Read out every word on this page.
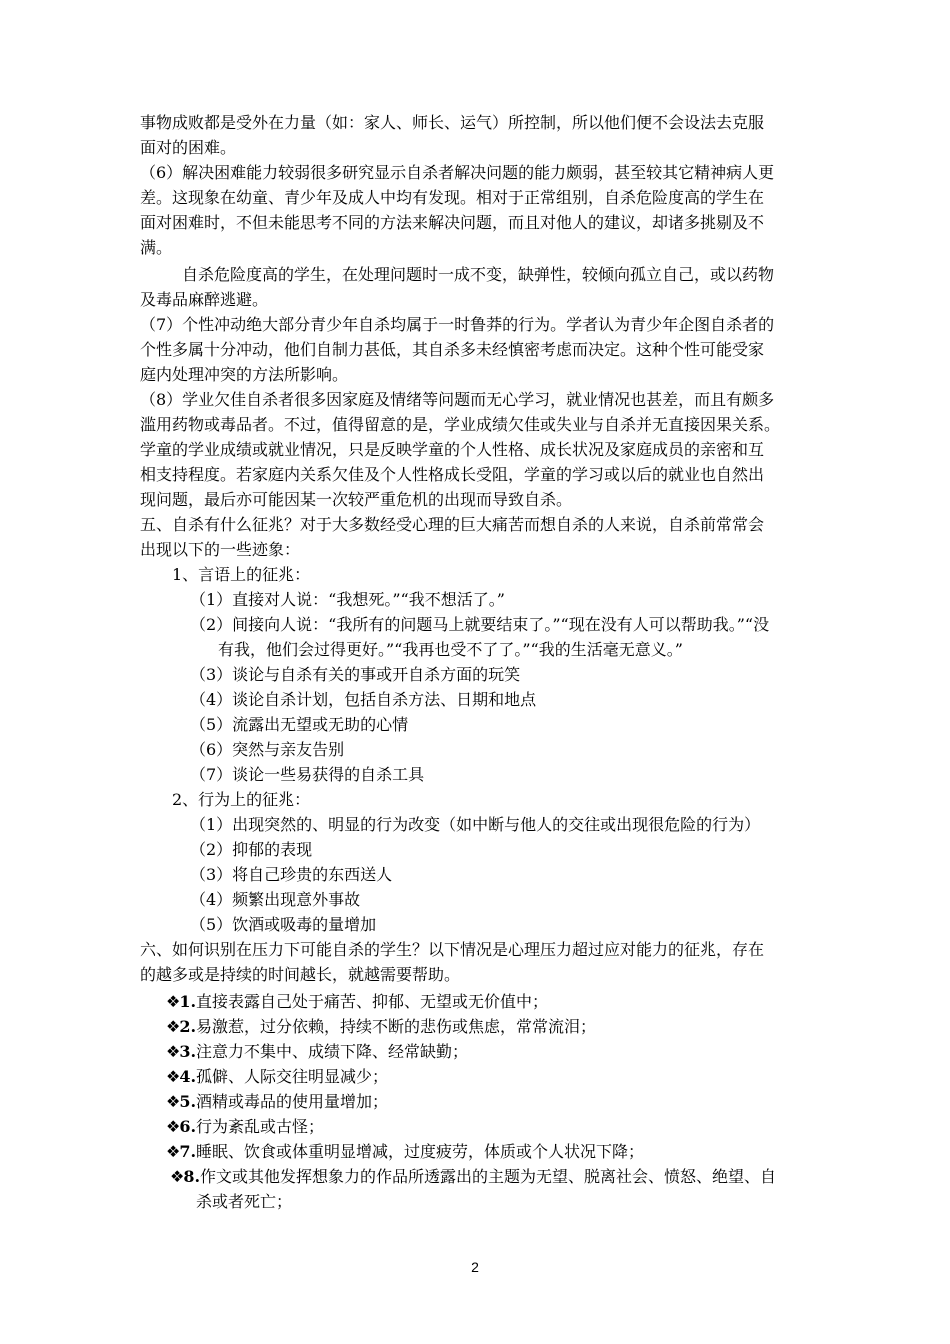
事物成败都是受外在力量（如：家人、师长、运气）所控制，所以他们便不会设法去克服
面对的困难。
（6）解决困难能力较弱很多研究显示自杀者解决问题的能力颇弱，甚至较其它精神病人更
差。这现象在幼童、青少年及成人中均有发现。相对于正常组别，自杀危险度高的学生在
面对困难时，不但未能思考不同的方法来解决问题，而且对他人的建议，却诸多挑剔及不
满。
自杀危险度高的学生，在处理问题时一成不变，缺弹性，较倾向孤立自己，或以药物
及毒品麻醉逃避。
（7）个性冲动绝大部分青少年自杀均属于一时鲁莽的行为。学者认为青少年企图自杀者的
个性多属十分冲动，他们自制力甚低，其自杀多未经慎密考虑而决定。这种个性可能受家
庭内处理冲突的方法所影响。
（8）学业欠佳自杀者很多因家庭及情绪等问题而无心学习，就业情况也甚差，而且有颇多
滥用药物或毒品者。不过，值得留意的是，学业成绩欠佳或失业与自杀并无直接因果关系。
学童的学业成绩或就业情况，只是反映学童的个人性格、成长状况及家庭成员的亲密和互
相支持程度。若家庭内关系欠佳及个人性格成长受阻，学童的学习或以后的就业也自然出
现问题，最后亦可能因某一次较严重危机的出现而导致自杀。
五、自杀有什么征兆？对于大多数经受心理的巨大痛苦而想自杀的人来说，自杀前常常会
出现以下的一些迹象：
1、言语上的征兆：
（1）直接对人说：“我想死。”“我不想活了。”
（2）间接向人说：“我所有的问题马上就要结束了。”“现在没有人可以帮助我。”“没
有我，他们会过得更好。”“我再也受不了了。”“我的生活毫无意义。”
（3）谈论与自杀有关的事或开自杀方面的玩笑
（4）谈论自杀计划，包括自杀方法、日期和地点
（5）流露出无望或无助的心情
（6）突然与亲友告别
（7）谈论一些易获得的自杀工具
2、行为上的征兆：
（1）出现突然的、明显的行为改变（如中断与他人的交往或出现很危险的行为）
（2）抑郁的表现
（3）将自己珍贵的东西送人
（4）频繁出现意外事故
（5）饮酒或吸毒的量增加
六、如何识别在压力下可能自杀的学生？以下情况是心理压力超过应对能力的征兆，存在
的越多或是持续的时间越长，就越需要帮助。
❖1.直接表露自己处于痛苦、抑郁、无望或无价值中；
❖2.易激惹，过分依赖，持续不断的悲伤或焦虑，常常流泪；
❖3.注意力不集中、成绩下降、经常缺勤；
❖4.孤僻、人际交往明显减少；
❖5.酒精或毒品的使用量增加；
❖6.行为紊乱或古怪；
❖7.睡眠、饮食或体重明显增减，过度疲劳，体质或个人状况下降；
❖8.作文或其他发挥想象力的作品所透露出的主题为无望、脱离社会、愤怒、绝望、自
杀或者死亡；
2
